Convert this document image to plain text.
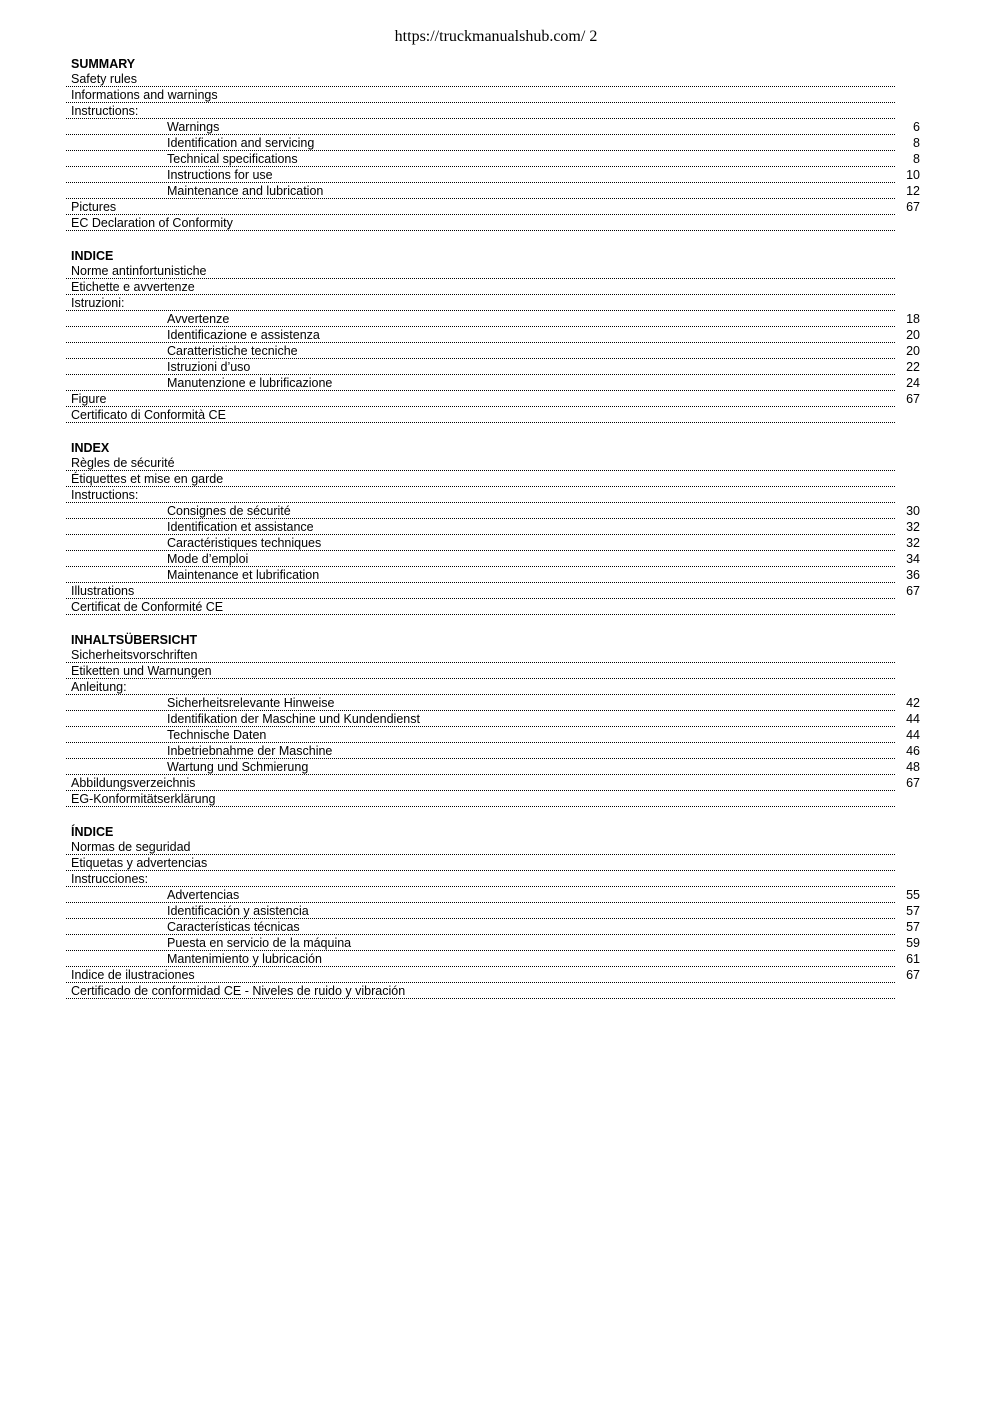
https://truckmanualshub.com/ 2
SUMMARY
Safety rules
Informations and warnings
Instructions:
Warnings	6
Identification and servicing	8
Technical specifications	8
Instructions for use	10
Maintenance and lubrication	12
Pictures	67
EC Declaration of Conformity
INDICE
Norme antinfortunistiche
Etichette e avvertenze
Istruzioni:
Avvertenze	18
Identificazione e assistenza	20
Caratteristiche tecniche	20
Istruzioni d’uso	22
Manutenzione e lubrificazione	24
Figure	67
Certificato di Conformità CE
INDEX
Règles de sécurité
Étiquettes et mise en garde
Instructions:
Consignes de sécurité	30
Identification et assistance	32
Caractéristiques techniques	32
Mode d’emploi	34
Maintenance et lubrification	36
Illustrations	67
Certificat de Conformité CE
INHALTSÜBERSICHT
Sicherheitsvorschriften
Etiketten und Warnungen
Anleitung:
Sicherheitsrelevante Hinweise	42
Identifikation der Maschine und Kundendienst	44
Technische Daten	44
Inbetriebnahme der Maschine	46
Wartung und Schmierung	48
Abbildungsverzeichnis	67
EG-Konformitätserklärung
ÍNDICE
Normas de seguridad
Etiquetas y advertencias
Instrucciones:
Advertencias	55
Identificación y asistencia	57
Características técnicas	57
Puesta en servicio de la máquina	59
Mantenimiento y lubricación	61
Indice de ilustraciones	67
Certificado de conformidad CE - Niveles de ruido y vibración
